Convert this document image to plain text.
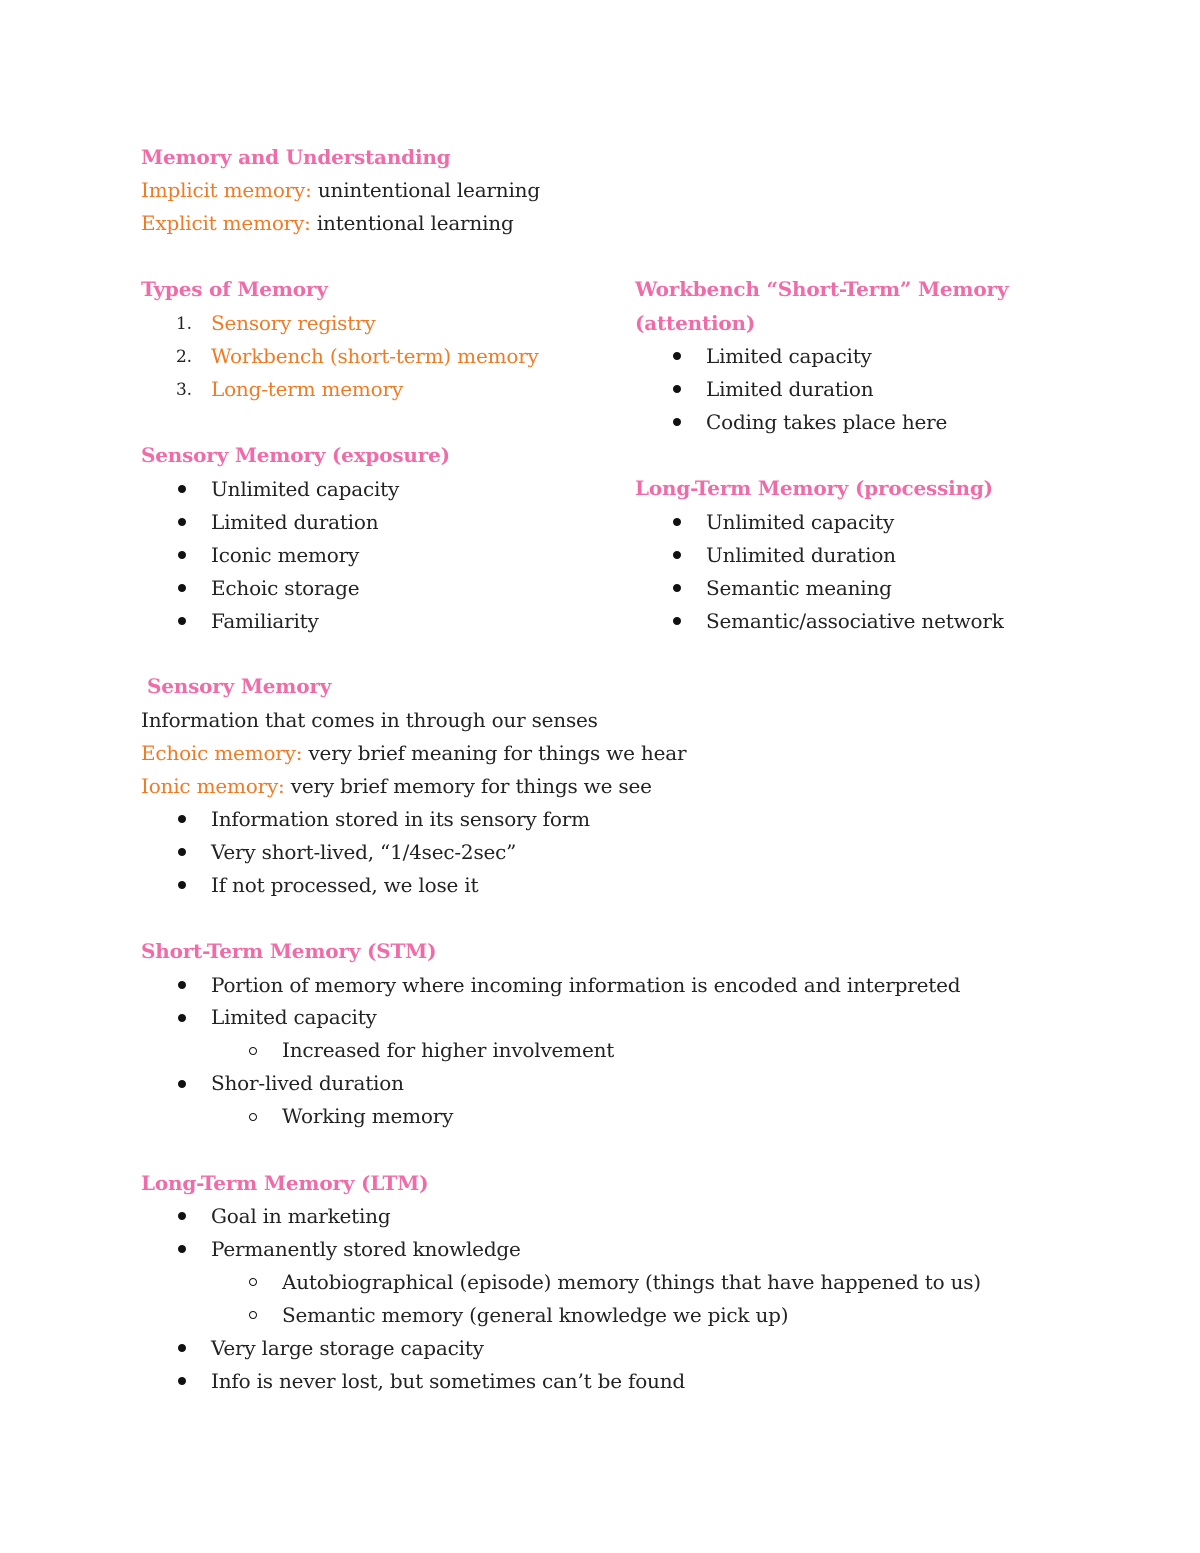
Memory and Understanding
Implicit memory: unintentional learning
Explicit memory: intentional learning
Types of Memory
1. Sensory registry
2. Workbench (short-term) memory
3. Long-term memory
Workbench “Short-Term” Memory
(attention)
Limited capacity
Limited duration
Coding takes place here
Sensory Memory (exposure)
Unlimited capacity
Limited duration
Iconic memory
Echoic storage
Familiarity
Long-Term Memory (processing)
Unlimited capacity
Unlimited duration
Semantic meaning
Semantic/associative network
Sensory Memory
Information that comes in through our senses
Echoic memory: very brief meaning for things we hear
Ionic memory: very brief memory for things we see
Information stored in its sensory form
Very short-lived, “1/4sec-2sec”
If not processed, we lose it
Short-Term Memory (STM)
Portion of memory where incoming information is encoded and interpreted
Limited capacity
Increased for higher involvement
Shor-lived duration
Working memory
Long-Term Memory (LTM)
Goal in marketing
Permanently stored knowledge
Autobiographical (episode) memory (things that have happened to us)
Semantic memory (general knowledge we pick up)
Very large storage capacity
Info is never lost, but sometimes can’t be found
